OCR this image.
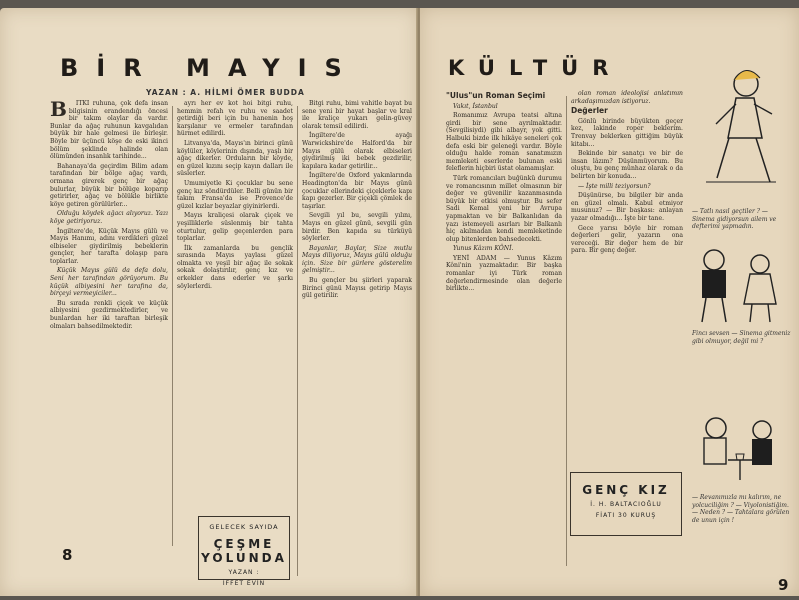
BİR MAYIS
YAZAN : A. HİLMİ ÖMER BUDDA
B	İTKİ ruhuna, çok defa insan bilgisinin erandendığı öncesi bir takım olaylar da vardır. Bunlar da ağaç ruhunun kavgalıdan büyük bir hale gelmesi ile birleşir. Böyle bir üçüncü köşe de eski ikinci bölüm şeklinde halinde olan ölümünden insanlık tarihinde...

Bahanaya'da geçirdim Bilim adam tarafından bir bölge ağaç vardı, ormana girerek genç bir ağaç bulurlar, büyük bir bölüge koparıp getirirler, ağaç ve bölükle birlikte köye getiren görülürler...

Olduğu köydek ağacı alıyoruz. Yazı köye getiriyoruz.

İngiltere'de, Küçük Mayıs gülü ve Mayıs Hanımı, adını verdikleri güzel elbiseler giydirilmiş bebeklerin gençler, her tarafta dolaşıp para toplarlar.

Küçük Mayıs gülü da defa dolu, Seni her tarafından görüyorum. Bu küçük albiyesini her tarafına da, birçeyi vermeyiciler...

Bu sırada renkli çiçek ve küçük albiyesini gezdirmektedirler, ve bunlardan her iki taraftan birleşik olmaları bahsedilmektedir.

ayrı her ev kot hoi bitgi ruhu, hemmin refah ve ruhu ve saadet getirdiği beri için bu hanenin hoş karşılanır ve ermeler tarafından hürmet edilirdi.

Litvanya'da, Mayıs'ın birinci günü köylüler, köylerinin dışında, yaşlı bir ağaç dikerler. Orduların bir köyde, en güzel kızını seçip kayın dalları ile süslerler.

Umumiyetle Ki çocuklar bu sene genç kız söndürdüler. Belli günün bir takım Fransa'da ise Provence'de güzel kızlar beyazlar giyinirlerdi.

Mayıs kraliçesi olarak çiçek ve yeşilliklerle süslenmiş bir tahta oturtulur, gelip geçenlerden para toplarlar.

İlk zamanlarda bu gençlik sırasında Mayıs yaylası güzel olmakta ve yeşil bir ağaç ile sokak sokak dolaştırılır, genç kız ve erkekler dans ederler ve şarkı söylerlerdi.

GELECEK SAYIDA
ÇEŞME YOLUNDA
YAZAN :
İFFET EVİN

Bitgi ruhu, bimi vahitle bayat bu sene yeni bir hayat başlar ve kral ile kraliçe yukarı gelin-güvey olarak temsil edilirdi.

İngiltere'de ayağı Warwickshire'de Halford'da bir Mayıs gülü olarak elbiseleri giydirilmiş iki bebek gezdirilir, kapılara kadar getirilir...

İngiltere'de Oxford yakınlarında Headington'da bir Mayıs günü çocuklar ellerindeki çiçeklerle kapı kapı gezerler. Bir çiçekli çömlek de taşırlar.

Sevgili yıl bu, sevgili yılını, Mayıs en güzel günü, sevgili gün birdir. Ben kapıda su türküyü söylerler.

Bayanlar, Baylar, Size mutlu Mayıs diliyoruz, Mayıs gülü olduğu için. Size bir gürlere gösterelim gelmiştir...

Bu gençler bu şiirleri yaparak Birinci günü Mayısı getirip Mayıs gül getirilir.

8
KÜLTÜR
"Ulus"un Roman Seçimi

Vakıt, İstanbul

Romanımız Avrupa teatsi altına girdi bir sene ayrılmaktadır. (Sevgilisiydi) gibi albayr, yok gitti. Halbuki bizde ilk hikâye seneleri çok defa eski bir geleneği vardır. Böyle olduğu halde roman sanatımızın memleketi eserlerde bulunan eski feleflerin hiçbiri üstat olamamışlar.

Türk romancıları buğünkü durumu ve romancısının millet olmasının bir değer ve güvenilir kazanmasında büyük bir etkisi olmuştur. Bu sefer Sadi Kemal yeni bir Avrupa yapmaktan ve bir Balkanlıdan da yazı istemeyeli asırları bir Balkanlı hiç akılmadan kendi memleketinde olup bitenlerden bahsedecekti.

Yunus Kâzım KÖNİ.

YENİ ADAM — Yunus Kâzım Kôni'nin yazmaktadır. Bir başka romanlar iyi Türk roman değerlendirmesinde olan değerle birlikte...

olan roman ideolojisi anlatımın arkadaşımızdan istiyoruz.

Değerler

Gönlü birinde büyükten geçer kez, lakinde roper beklerim. Trenvay beklerken gittiğim büyük kitabı...

Bekinde bir sanatçı ve bir de insan lâzım? Düşünmüyorum. Bu oluştu, bu genç münhaz olarak o da belirten bir konuda...

— İşte milli teziyorsun?

Düşünürse, bu bilgiler bir anda en güzel olmalı. Kabul etmiyor musunuz? — Bir başkası: anlayan yazar olmadığı... İşte bir tane.

Gece yarısı böyle bir roman değerleri gelir, yazarın ona vereceği. Bir değer hem de bir para. Bir genç değer.

GENÇ KIZ
İ. H. BALTACIOĞLU
FİATI 30 KURUŞ
— Tatlı nasıl geçtiler ? — Sinema gidiyorsun ailem ve defterimi yapmadın.
Fincı sevsen — Sinema gitmeniz gibi olmuyor, değil mi ?
— Revanımızla mı kalırım, ne yolcuciliğim ? — Viyolonistiğim. — Neden ? — Tahtalara görülen de unun için !
9
